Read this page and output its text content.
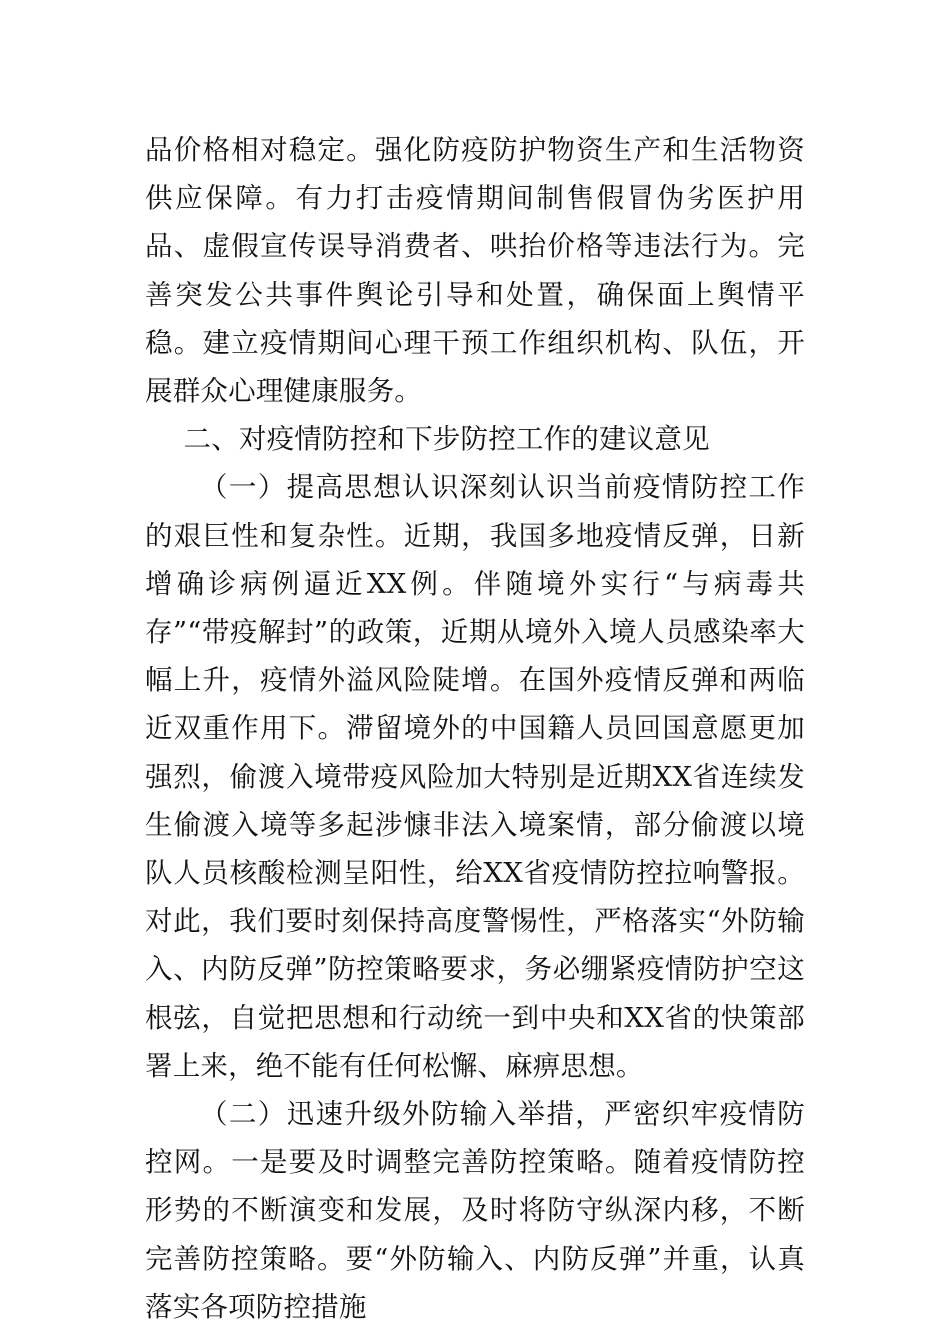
品价格相对稳定。强化防疫防护物资生产和生活物资供应保障。有力打击疫情期间制售假冒伪劣医护用品、虚假宣传误导消费者、哄抬价格等违法行为。完善突发公共事件舆论引导和处置，确保面上舆情平稳。建立疫情期间心理干预工作组织机构、队伍，开展群众心理健康服务。

二、对疫情防控和下步防控工作的建议意见

（一）提高思想认识深刻认识当前疫情防控工作的艰巨性和复杂性。近期，我国多地疫情反弹，日新增确诊病例逼近XX例。伴随境外实行“与病毒共存”“带疫解封”的政策，近期从境外入境人员感染率大幅上升，疫情外溢风险陡增。在国外疫情反弹和两临近双重作用下。滞留境外的中国籍人员回国意愿更加强烈，偷渡入境带疫风险加大特别是近期XX省连续发生偷渡入境等多起涉慷非法入境案情，部分偷渡以境队人员核酸检测呈阳性，给XX省疫情防控拉响警报。对此，我们要时刻保持高度警惕性，严格落实“外防输入、内防反弹”防控策略要求，务必绷紧疫情防护空这根弦，自觉把思想和行动统一到中央和XX省的快策部署上来，绝不能有任何松懈、麻痹思想。

（二）迅速升级外防输入举措，严密织牢疫情防控网。一是要及时调整完善防控策略。随着疫情防控形势的不断演变和发展，及时将防守纵深内移，不断完善防控策略。要“外防输入、内防反弹”并重，认真落实各项防控措施
